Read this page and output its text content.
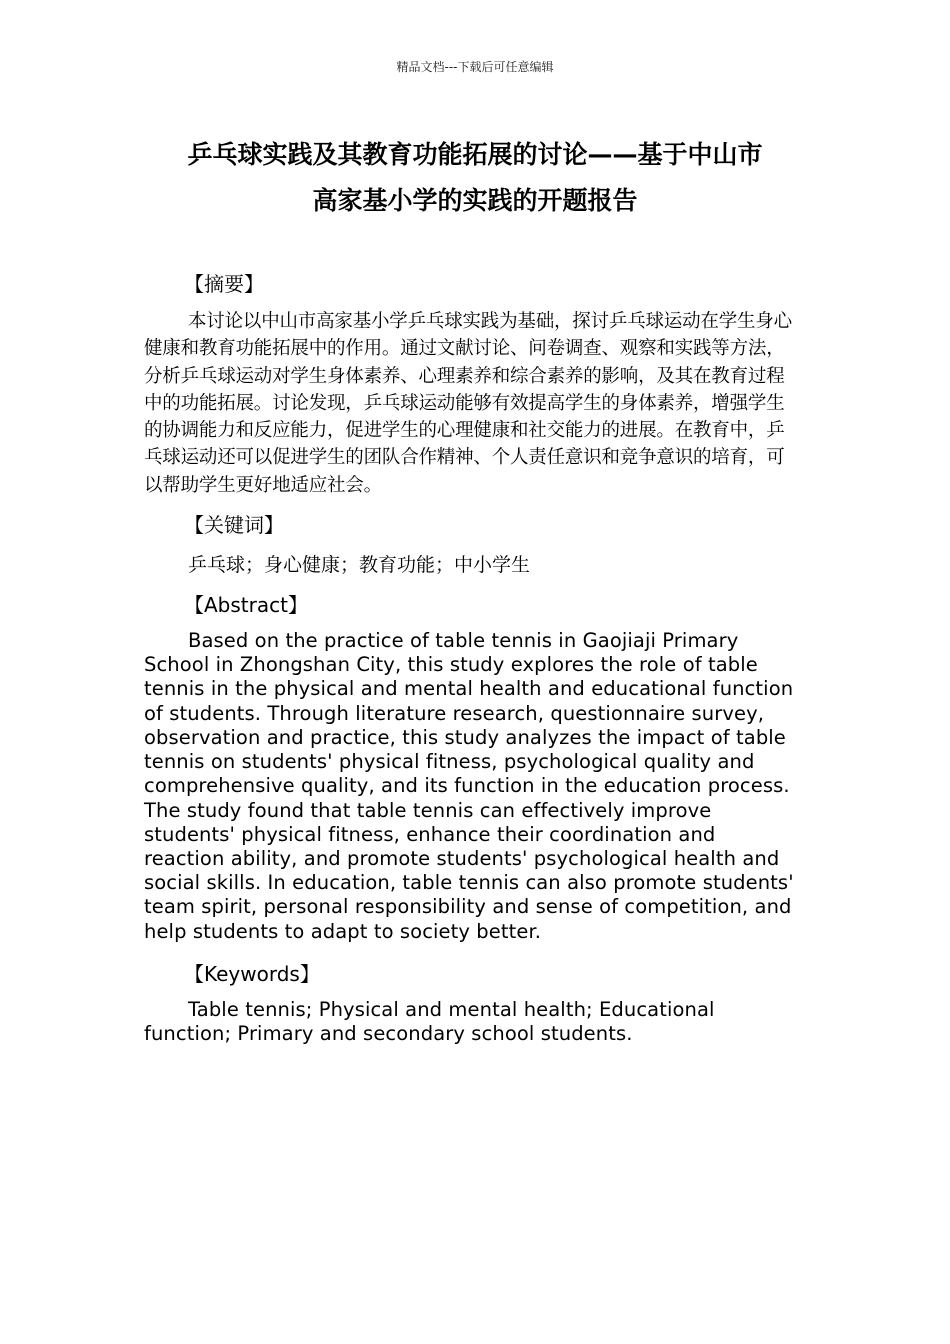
精品文档---下载后可任意编辑
乒乓球实践及其教育功能拓展的讨论——基于中山市
高家基小学的实践的开题报告
【摘要】

本讨论以中山市高家基小学乒乓球实践为基础，探讨乒乓球运动在学生身心健康和教育功能拓展中的作用。通过文献讨论、问卷调查、观察和实践等方法，分析乒乓球运动对学生身体素养、心理素养和综合素养的影响，及其在教育过程中的功能拓展。讨论发现，乒乓球运动能够有效提高学生的身体素养，增强学生的协调能力和反应能力，促进学生的心理健康和社交能力的进展。在教育中，乒乓球运动还可以促进学生的团队合作精神、个人责任意识和竞争意识的培育，可以帮助学生更好地适应社会。

【关键词】
乒乓球；身心健康；教育功能；中小学生
【Abstract】

Based on the practice of table tennis in Gaojiaji Primary School in Zhongshan City, this study explores the role of table tennis in the physical and mental health and educational function of students. Through literature research, questionnaire survey, observation and practice, this study analyzes the impact of table tennis on students' physical fitness, psychological quality and comprehensive quality, and its function in the education process. The study found that table tennis can effectively improve students' physical fitness, enhance their coordination and reaction ability, and promote students' psychological health and social skills. In education, table tennis can also promote students' team spirit, personal responsibility and sense of competition, and help students to adapt to society better.

【Keywords】

Table tennis; Physical and mental health; Educational function; Primary and secondary school students.
